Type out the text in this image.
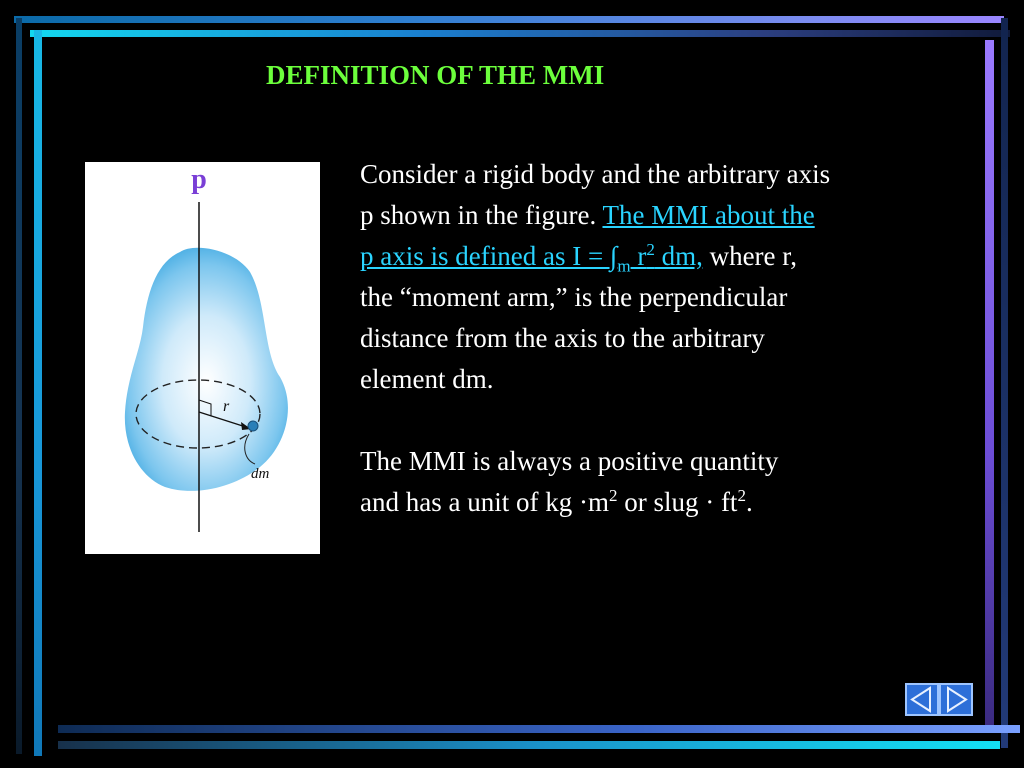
DEFINITION OF THE MMI
r
dm
p	Consider a rigid body and the arbitrary axis
p shown in the figure. The MMI about the
p axis is defined as $I = \int_m$ $r^2$ dm, where r,
the “moment arm,” is the perpendicular
distance from the axis to the arbitrary
element dm.

The MMI is always a positive quantity
and has a unit of kg $\cdot m^2$ or slug · $ft^2$.
